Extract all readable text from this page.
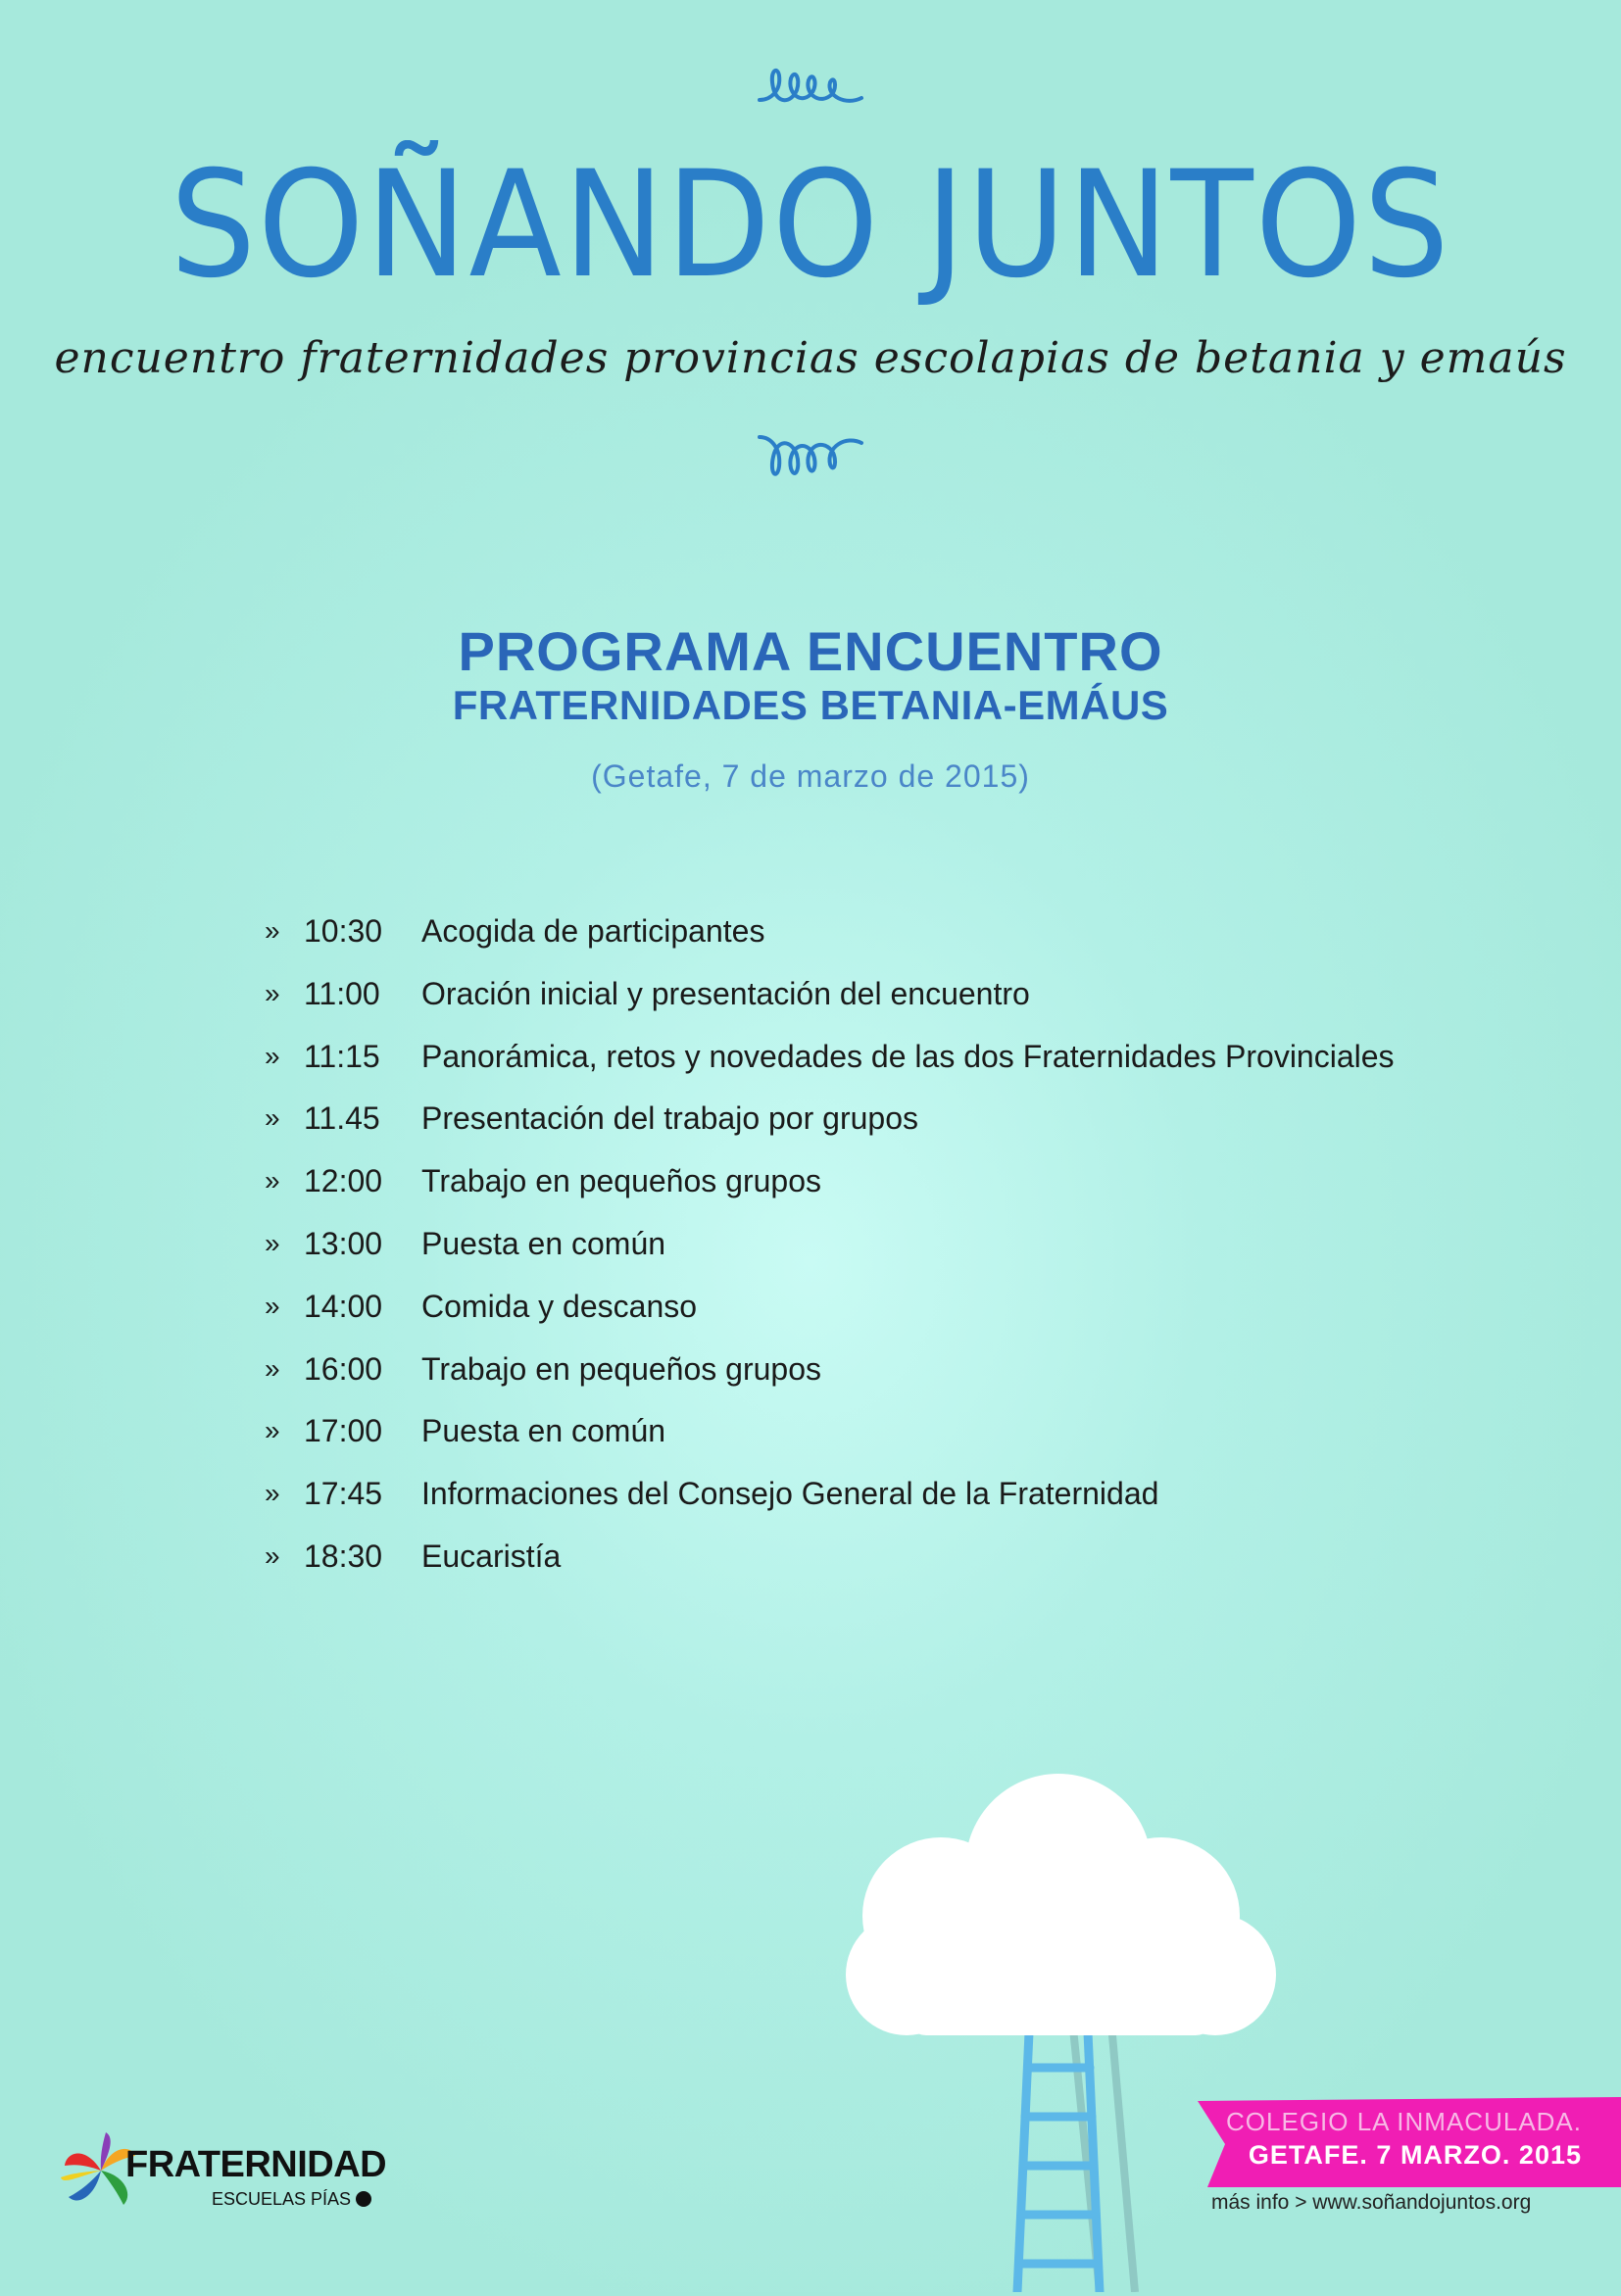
SOÑANDO JUNTOS
encuentro fraternidades provincias escolapias de betania y emaús
PROGRAMA ENCUENTRO
FRATERNIDADES BETANIA-EMÁUS
(Getafe, 7 de marzo de 2015)
» 10:30 Acogida de participantes
» 11:00 Oración inicial y presentación del encuentro
» 11:15 Panorámica, retos y novedades de las dos Fraternidades Provinciales
» 11.45 Presentación del trabajo por grupos
» 12:00 Trabajo en pequeños grupos
» 13:00 Puesta en común
» 14:00 Comida y descanso
» 16:00 Trabajo en pequeños grupos
» 17:00 Puesta en común
» 17:45 Informaciones del Consejo General de la Fraternidad
» 18:30 Eucaristía
FRATERNIDAD
ESCUELAS PÍAS
COLEGIO LA INMACULADA.
GETAFE. 7 MARZO. 2015
más info > www.soñandojuntos.org
